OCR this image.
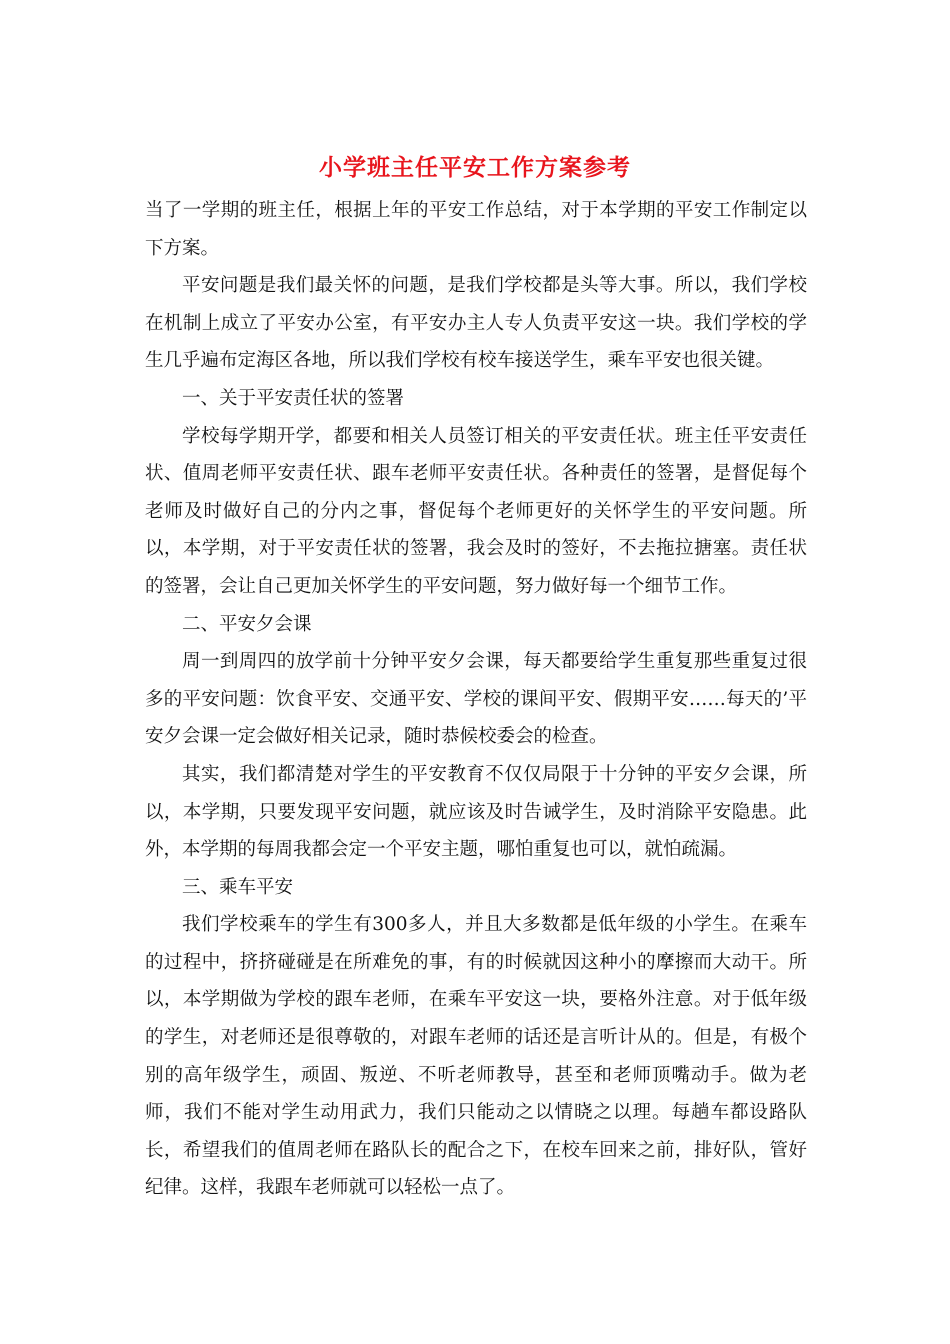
小学班主任平安工作方案参考

当了一学期的班主任，根据上年的平安工作总结，对于本学期的平安工作制定以下方案。

平安问题是我们最关怀的问题，是我们学校都是头等大事。所以，我们学校在机制上成立了平安办公室，有平安办主人专人负责平安这一块。我们学校的学生几乎遍布定海区各地，所以我们学校有校车接送学生，乘车平安也很关键。

一、关于平安责任状的签署

学校每学期开学，都要和相关人员签订相关的平安责任状。班主任平安责任状、值周老师平安责任状、跟车老师平安责任状。各种责任的签署，是督促每个老师及时做好自己的分内之事，督促每个老师更好的关怀学生的平安问题。所以，本学期，对于平安责任状的签署，我会及时的签好，不去拖拉搪塞。责任状的签署，会让自己更加关怀学生的平安问题，努力做好每一个细节工作。

二、平安夕会课

周一到周四的放学前十分钟平安夕会课，每天都要给学生重复那些重复过很多的平安问题：饮食平安、交通平安、学校的课间平安、假期平安……每天的’平安夕会课一定会做好相关记录，随时恭候校委会的检查。

其实，我们都清楚对学生的平安教育不仅仅局限于十分钟的平安夕会课，所以，本学期，只要发现平安问题，就应该及时告诫学生，及时消除平安隐患。此外，本学期的每周我都会定一个平安主题，哪怕重复也可以，就怕疏漏。

三、乘车平安

我们学校乘车的学生有300多人，并且大多数都是低年级的小学生。在乘车的过程中，挤挤碰碰是在所难免的事，有的时候就因这种小的摩擦而大动干。所以，本学期做为学校的跟车老师，在乘车平安这一块，要格外注意。对于低年级的学生，对老师还是很尊敬的，对跟车老师的话还是言听计从的。但是，有极个别的高年级学生，顽固、叛逆、不听老师教导，甚至和老师顶嘴动手。做为老师，我们不能对学生动用武力，我们只能动之以情晓之以理。每趟车都设路队长，希望我们的值周老师在路队长的配合之下，在校车回来之前，排好队，管好纪律。这样，我跟车老师就可以轻松一点了。
